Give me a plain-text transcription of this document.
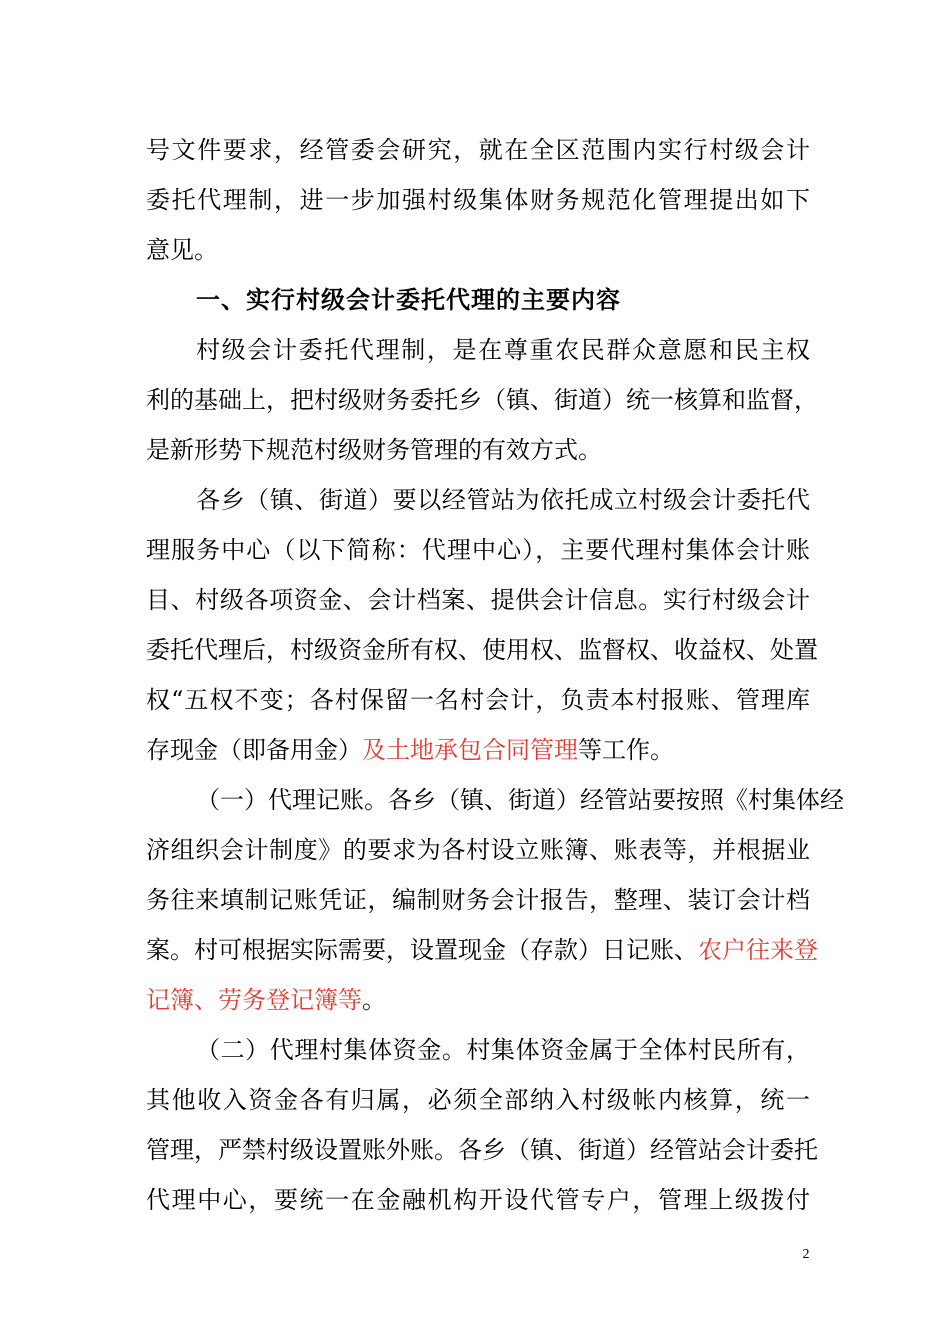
号文件要求，经管委会研究，就在全区范围内实行村级会计
委托代理制，进一步加强村级集体财务规范化管理提出如下
意见。
一、实行村级会计委托代理的主要内容
村级会计委托代理制，是在尊重农民群众意愿和民主权
利的基础上，把村级财务委托乡（镇、街道）统一核算和监督，
是新形势下规范村级财务管理的有效方式。
各乡（镇、街道）要以经管站为依托成立村级会计委托代
理服务中心（以下简称：代理中心），主要代理村集体会计账
目、村级各项资金、会计档案、提供会计信息。实行村级会计
委托代理后，村级资金所有权、使用权、监督权、收益权、处置
权“五权不变；各村保留一名村会计，负责本村报账、管理库
存现金（即备用金）及土地承包合同管理等工作。
（一）代理记账。各乡（镇、街道）经管站要按照《村集体经
济组织会计制度》的要求为各村设立账簿、账表等，并根据业
务往来填制记账凭证，编制财务会计报告，整理、装订会计档
案。村可根据实际需要，设置现金（存款）日记账、农户往来登
记簿、劳务登记簿等。
（二）代理村集体资金。村集体资金属于全体村民所有，
其他收入资金各有归属，必须全部纳入村级帐内核算，统一
管理，严禁村级设置账外账。各乡（镇、街道）经管站会计委托
代理中心，要统一在金融机构开设代管专户，管理上级拨付
2
